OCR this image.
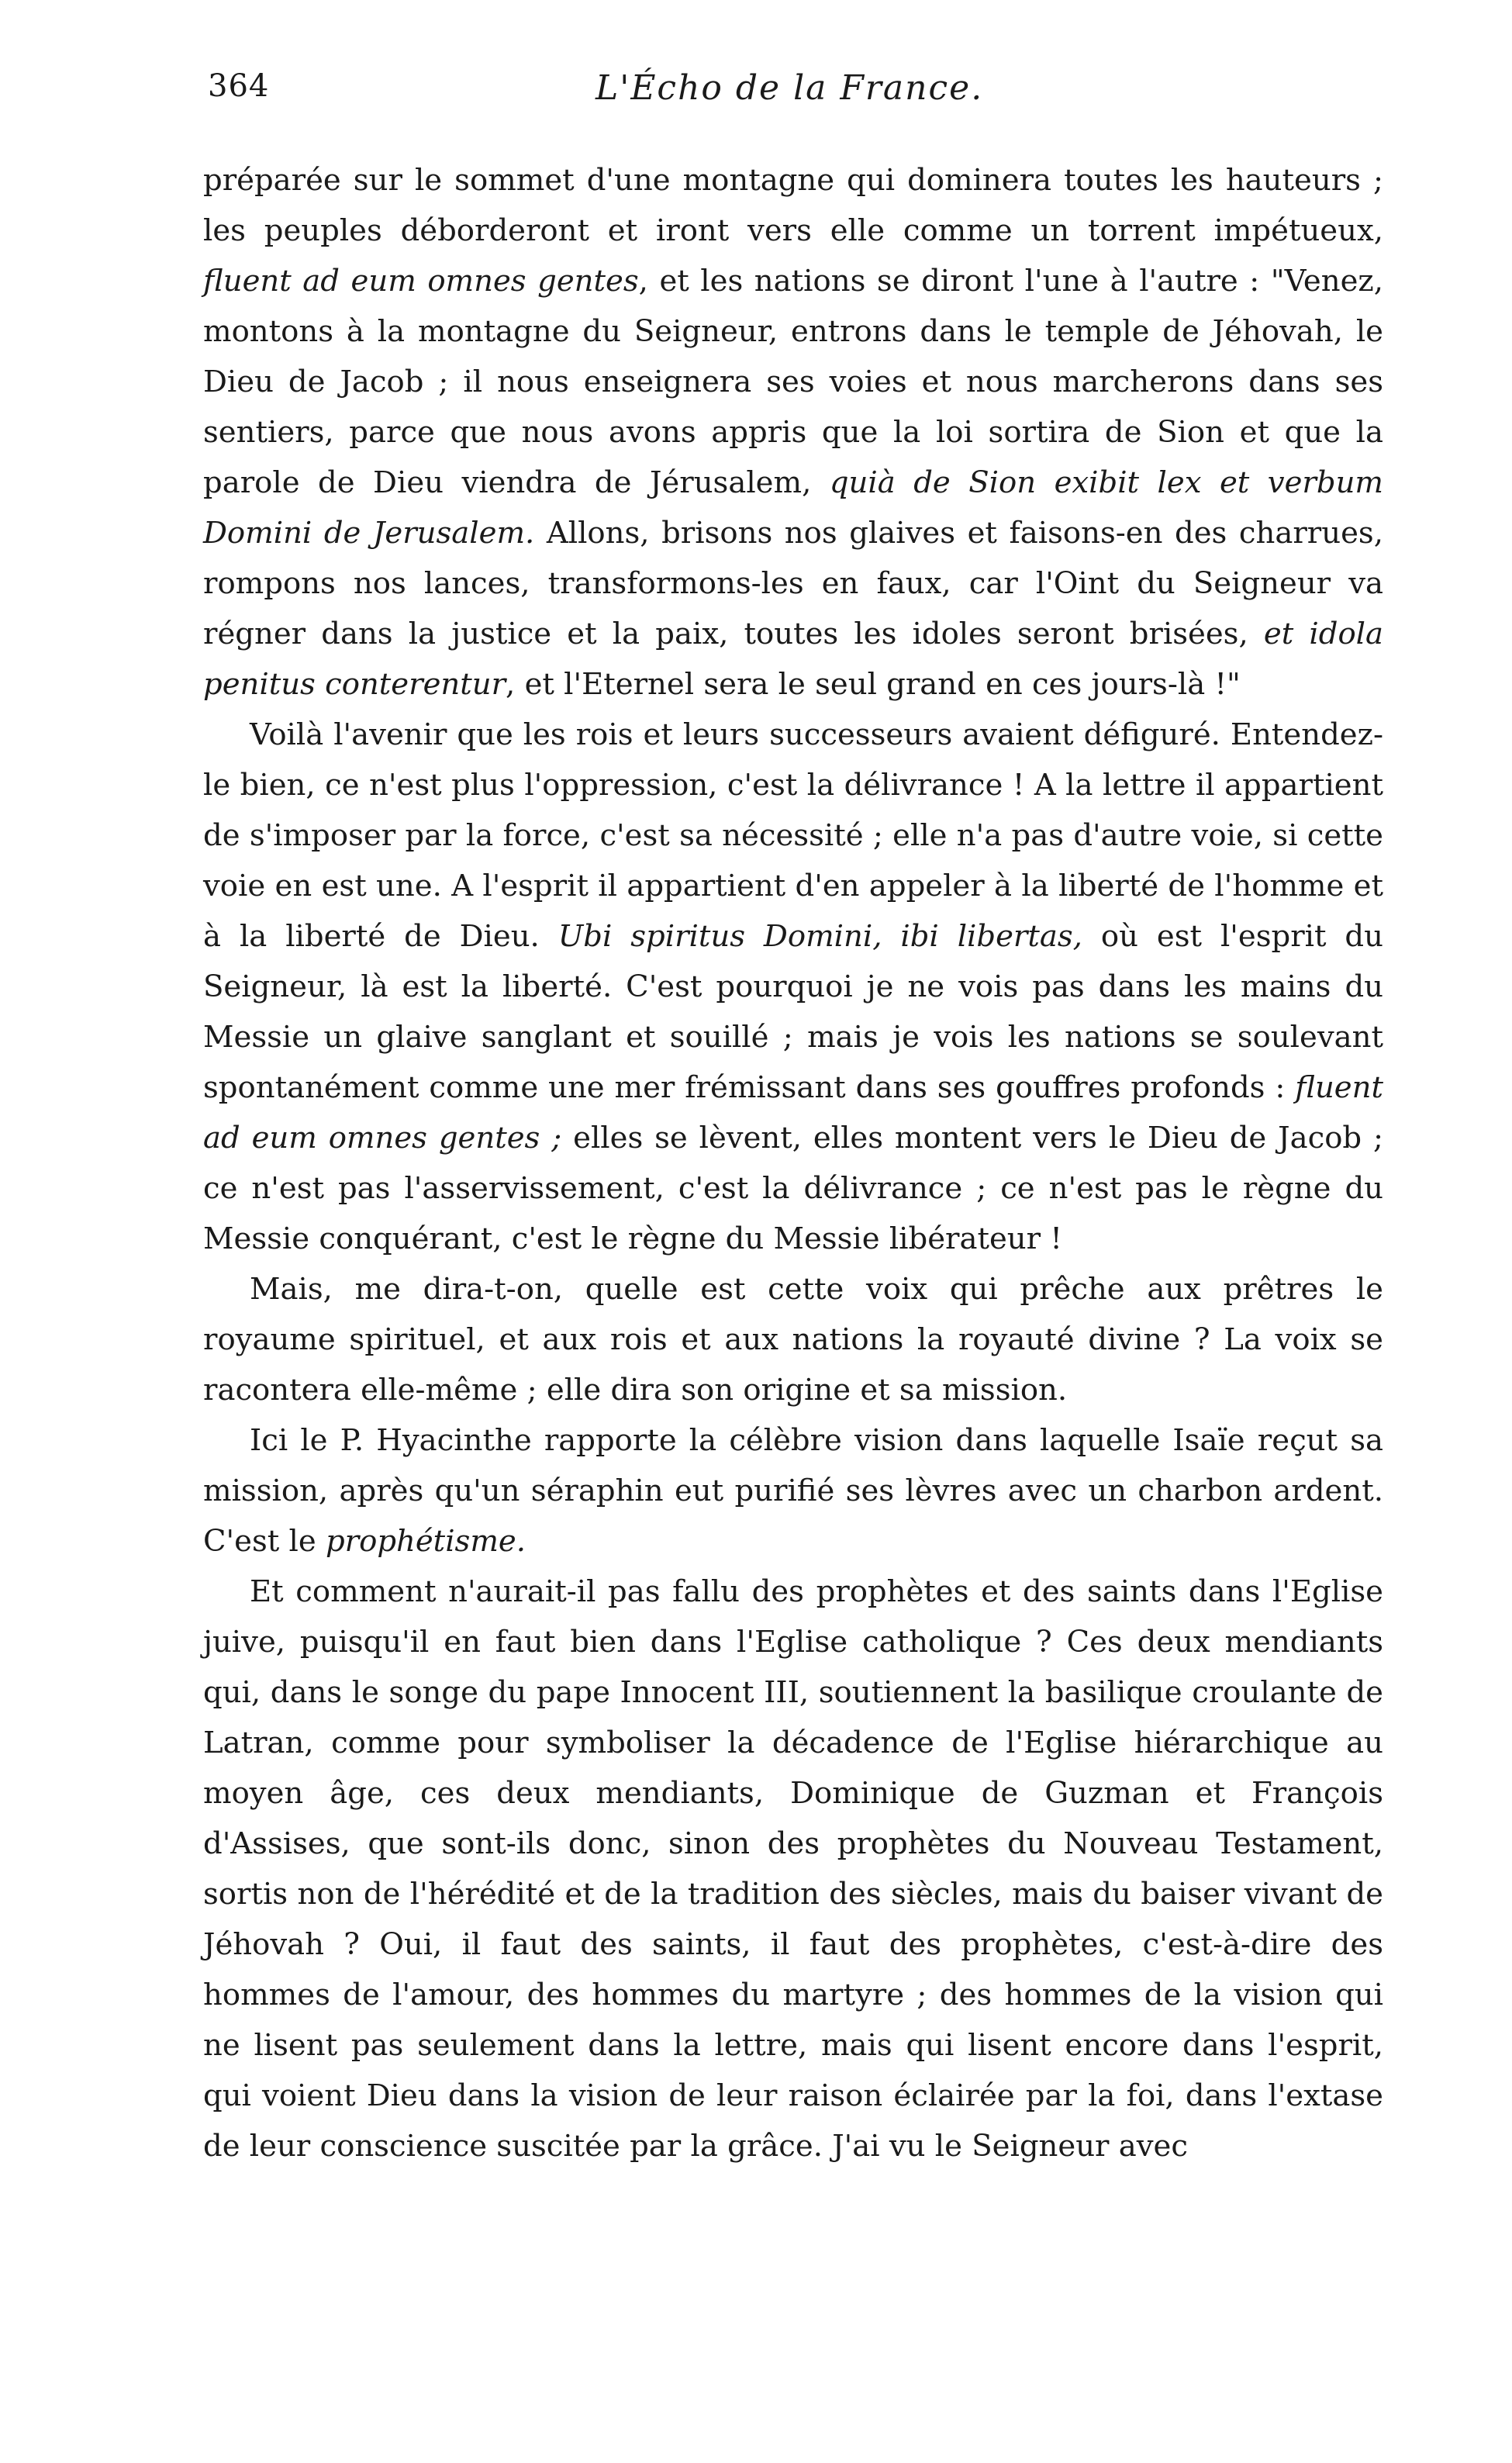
364	L'Écho de la France.

préparée sur le sommet d'une montagne qui dominera toutes les hauteurs ; les peuples déborderont et iront vers elle comme un torrent impétueux, fluent ad eum omnes gentes, et les nations se diront l'une à l'autre : "Venez, montons à la montagne du Seigneur, entrons dans le temple de Jéhovah, le Dieu de Jacob ; il nous enseignera ses voies et nous marcherons dans ses sentiers, parce que nous avons appris que la loi sortira de Sion et que la parole de Dieu viendra de Jérusalem, quià de Sion exibit lex et verbum Domini de Jerusalem. Allons, brisons nos glaives et faisons-en des charrues, rompons nos lances, transformons-les en faux, car l'Oint du Seigneur va régner dans la justice et la paix, toutes les idoles seront brisées, et idola penitus conterentur, et l'Eternel sera le seul grand en ces jours-là !"

Voilà l'avenir que les rois et leurs successeurs avaient défiguré. Entendez-le bien, ce n'est plus l'oppression, c'est la délivrance ! A la lettre il appartient de s'imposer par la force, c'est sa nécessité ; elle n'a pas d'autre voie, si cette voie en est une. A l'esprit il appartient d'en appeler à la liberté de l'homme et à la liberté de Dieu. Ubi spiritus Domini, ibi libertas, où est l'esprit du Seigneur, là est la liberté. C'est pourquoi je ne vois pas dans les mains du Messie un glaive sanglant et souillé ; mais je vois les nations se soulevant spontanément comme une mer frémissant dans ses gouffres profonds : fluent ad eum omnes gentes ; elles se lèvent, elles montent vers le Dieu de Jacob ; ce n'est pas l'asservissement, c'est la délivrance ; ce n'est pas le règne du Messie conquérant, c'est le règne du Messie libérateur !

Mais, me dira-t-on, quelle est cette voix qui prêche aux prêtres le royaume spirituel, et aux rois et aux nations la royauté divine ? La voix se racontera elle-même ; elle dira son origine et sa mission.

Ici le P. Hyacinthe rapporte la célèbre vision dans laquelle Isaïe reçut sa mission, après qu'un séraphin eut purifié ses lèvres avec un charbon ardent. C'est le prophétisme.

Et comment n'aurait-il pas fallu des prophètes et des saints dans l'Eglise juive, puisqu'il en faut bien dans l'Eglise catholique ? Ces deux mendiants qui, dans le songe du pape Innocent III, soutiennent la basilique croulante de Latran, comme pour symboliser la décadence de l'Eglise hiérarchique au moyen âge, ces deux mendiants, Dominique de Guzman et François d'Assises, que sont-ils donc, sinon des prophètes du Nouveau Testament, sortis non de l'hérédité et de la tradition des siècles, mais du baiser vivant de Jéhovah ? Oui, il faut des saints, il faut des prophètes, c'est-à-dire des hommes de l'amour, des hommes du martyre ; des hommes de la vision qui ne lisent pas seulement dans la lettre, mais qui lisent encore dans l'esprit, qui voient Dieu dans la vision de leur raison éclairée par la foi, dans l'extase de leur conscience suscitée par la grâce. J'ai vu le Seigneur avec
